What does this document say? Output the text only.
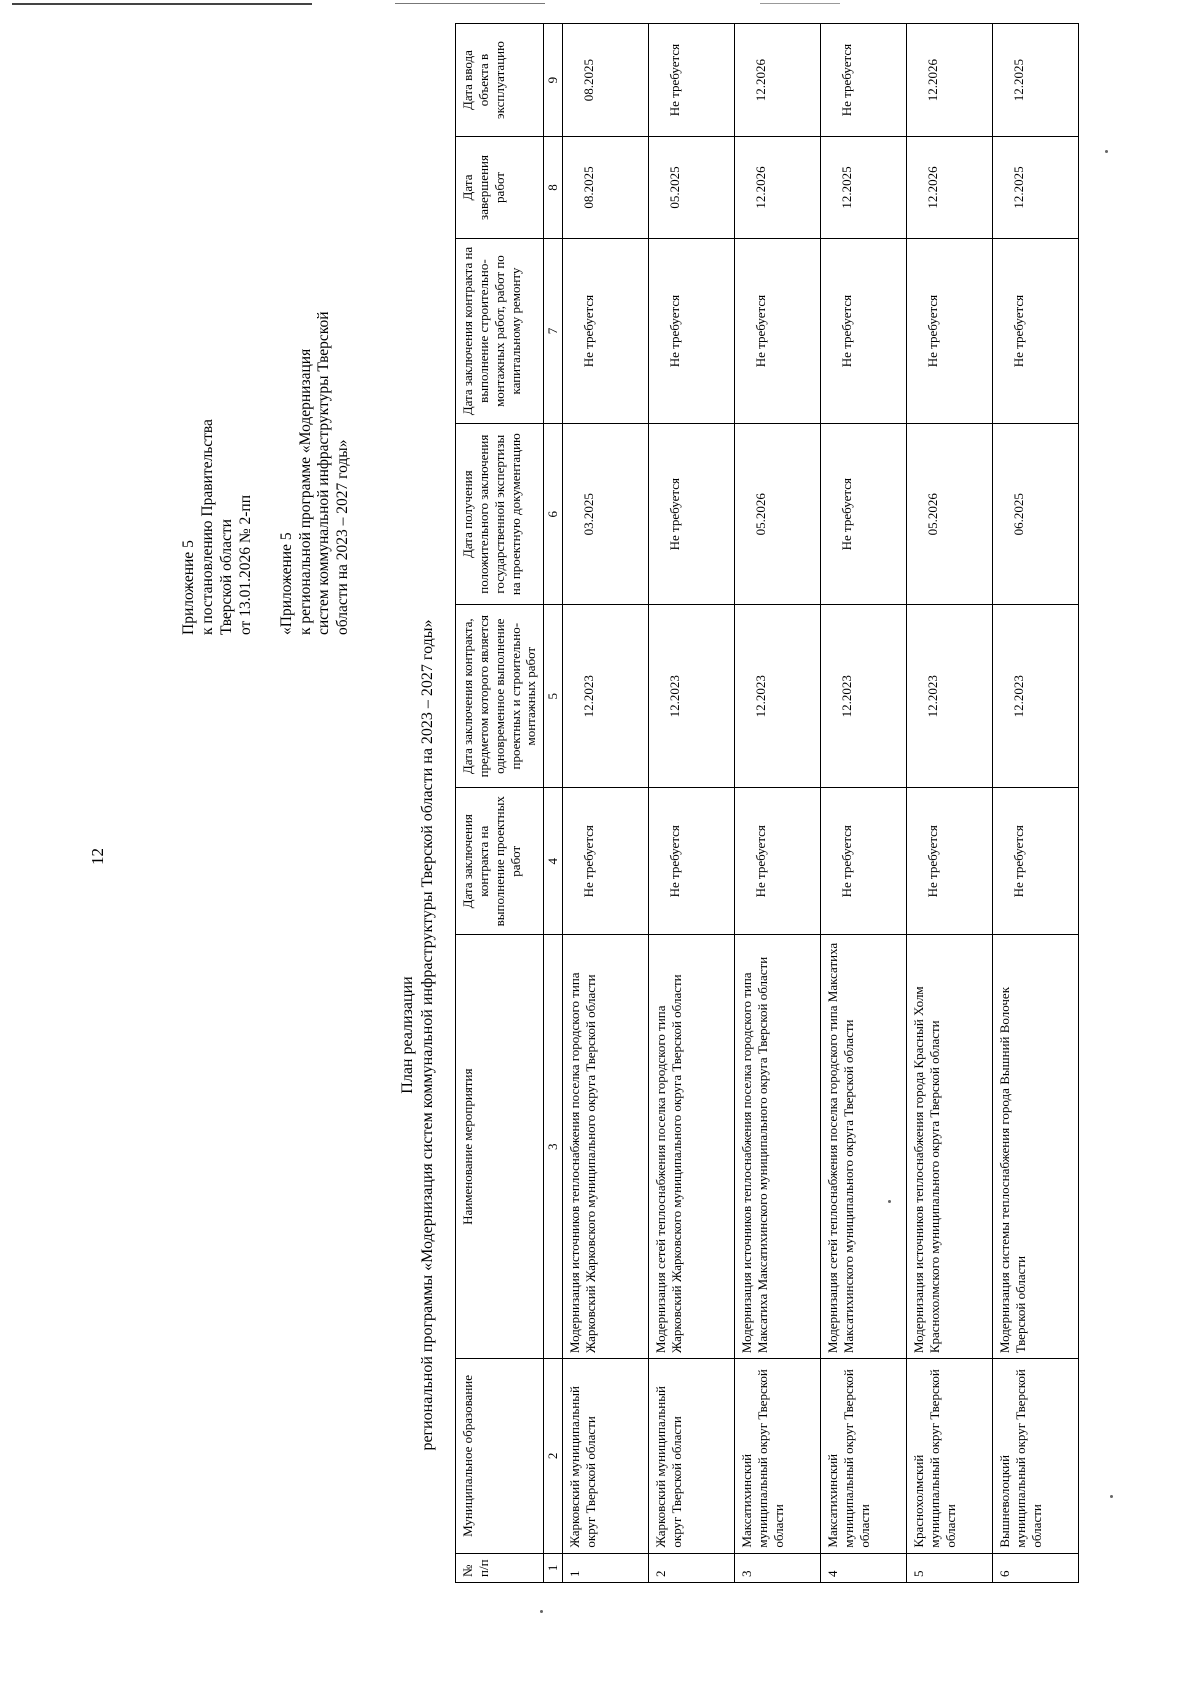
12

Приложение 5 к постановлению Правительства Тверской области от 13.01.2026 № 2-пп «Приложение 5 к региональной программе «Модернизация систем коммунальной инфраструктуры Тверской области на 2023 – 2027 годы»

План реализации региональной программы «Модернизация систем коммунальной инфраструктуры Тверской области на 2023 – 2027 годы»
№ п/п	Муниципальное образование	Наименование мероприятия	Дата заключения контракта на выполнение проектных работ	Дата заключения контракта, предметом которого является одновременное выполнение проектных и строительно-монтажных работ	Дата получения положительного заключения государственной экспертизы на проектную документацию	Дата заключения контракта на выполнение строительно-монтажных работ, работ по капитальному ремонту	Дата завершения работ	Дата ввода объекта в эксплуатацию
1	2	3	4	5	6	7	8	9
1	Жарковский муниципальный округ Тверской области	Модернизация источников теплоснабжения поселка городского типа Жарковский Жарковского муниципального округа Тверской области	Не требуется	12.2023	03.2025	Не требуется	08.2025	08.2025
2	Жарковский муниципальный округ Тверской области	Модернизация сетей теплоснабжения поселка городского типа Жарковский Жарковского муниципального округа Тверской области	Не требуется	12.2023	Не требуется	Не требуется	05.2025	Не требуется
3	Максатихинский муниципальный округ Тверской области	Модернизация источников теплоснабжения поселка городского типа Максатиха Максатихинского муниципального округа Тверской области	Не требуется	12.2023	05.2026	Не требуется	12.2026	12.2026
4	Максатихинский муниципальный округ Тверской области	Модернизация сетей теплоснабжения поселка городского типа Максатиха Максатихинского муниципального округа Тверской области	Не требуется	12.2023	Не требуется	Не требуется	12.2025	Не требуется
5	Краснохолмский муниципальный округ Тверской области	Модернизация источников теплоснабжения города Красный Холм Краснохолмского муниципального округа Тверской области	Не требуется	12.2023	05.2026	Не требуется	12.2026	12.2026
6	Вышневолоцкий муниципальный округ Тверской области	Модернизация системы теплоснабжения города Вышний Волочек Тверской области	Не требуется	12.2023	06.2025	Не требуется	12.2025	12.2025
